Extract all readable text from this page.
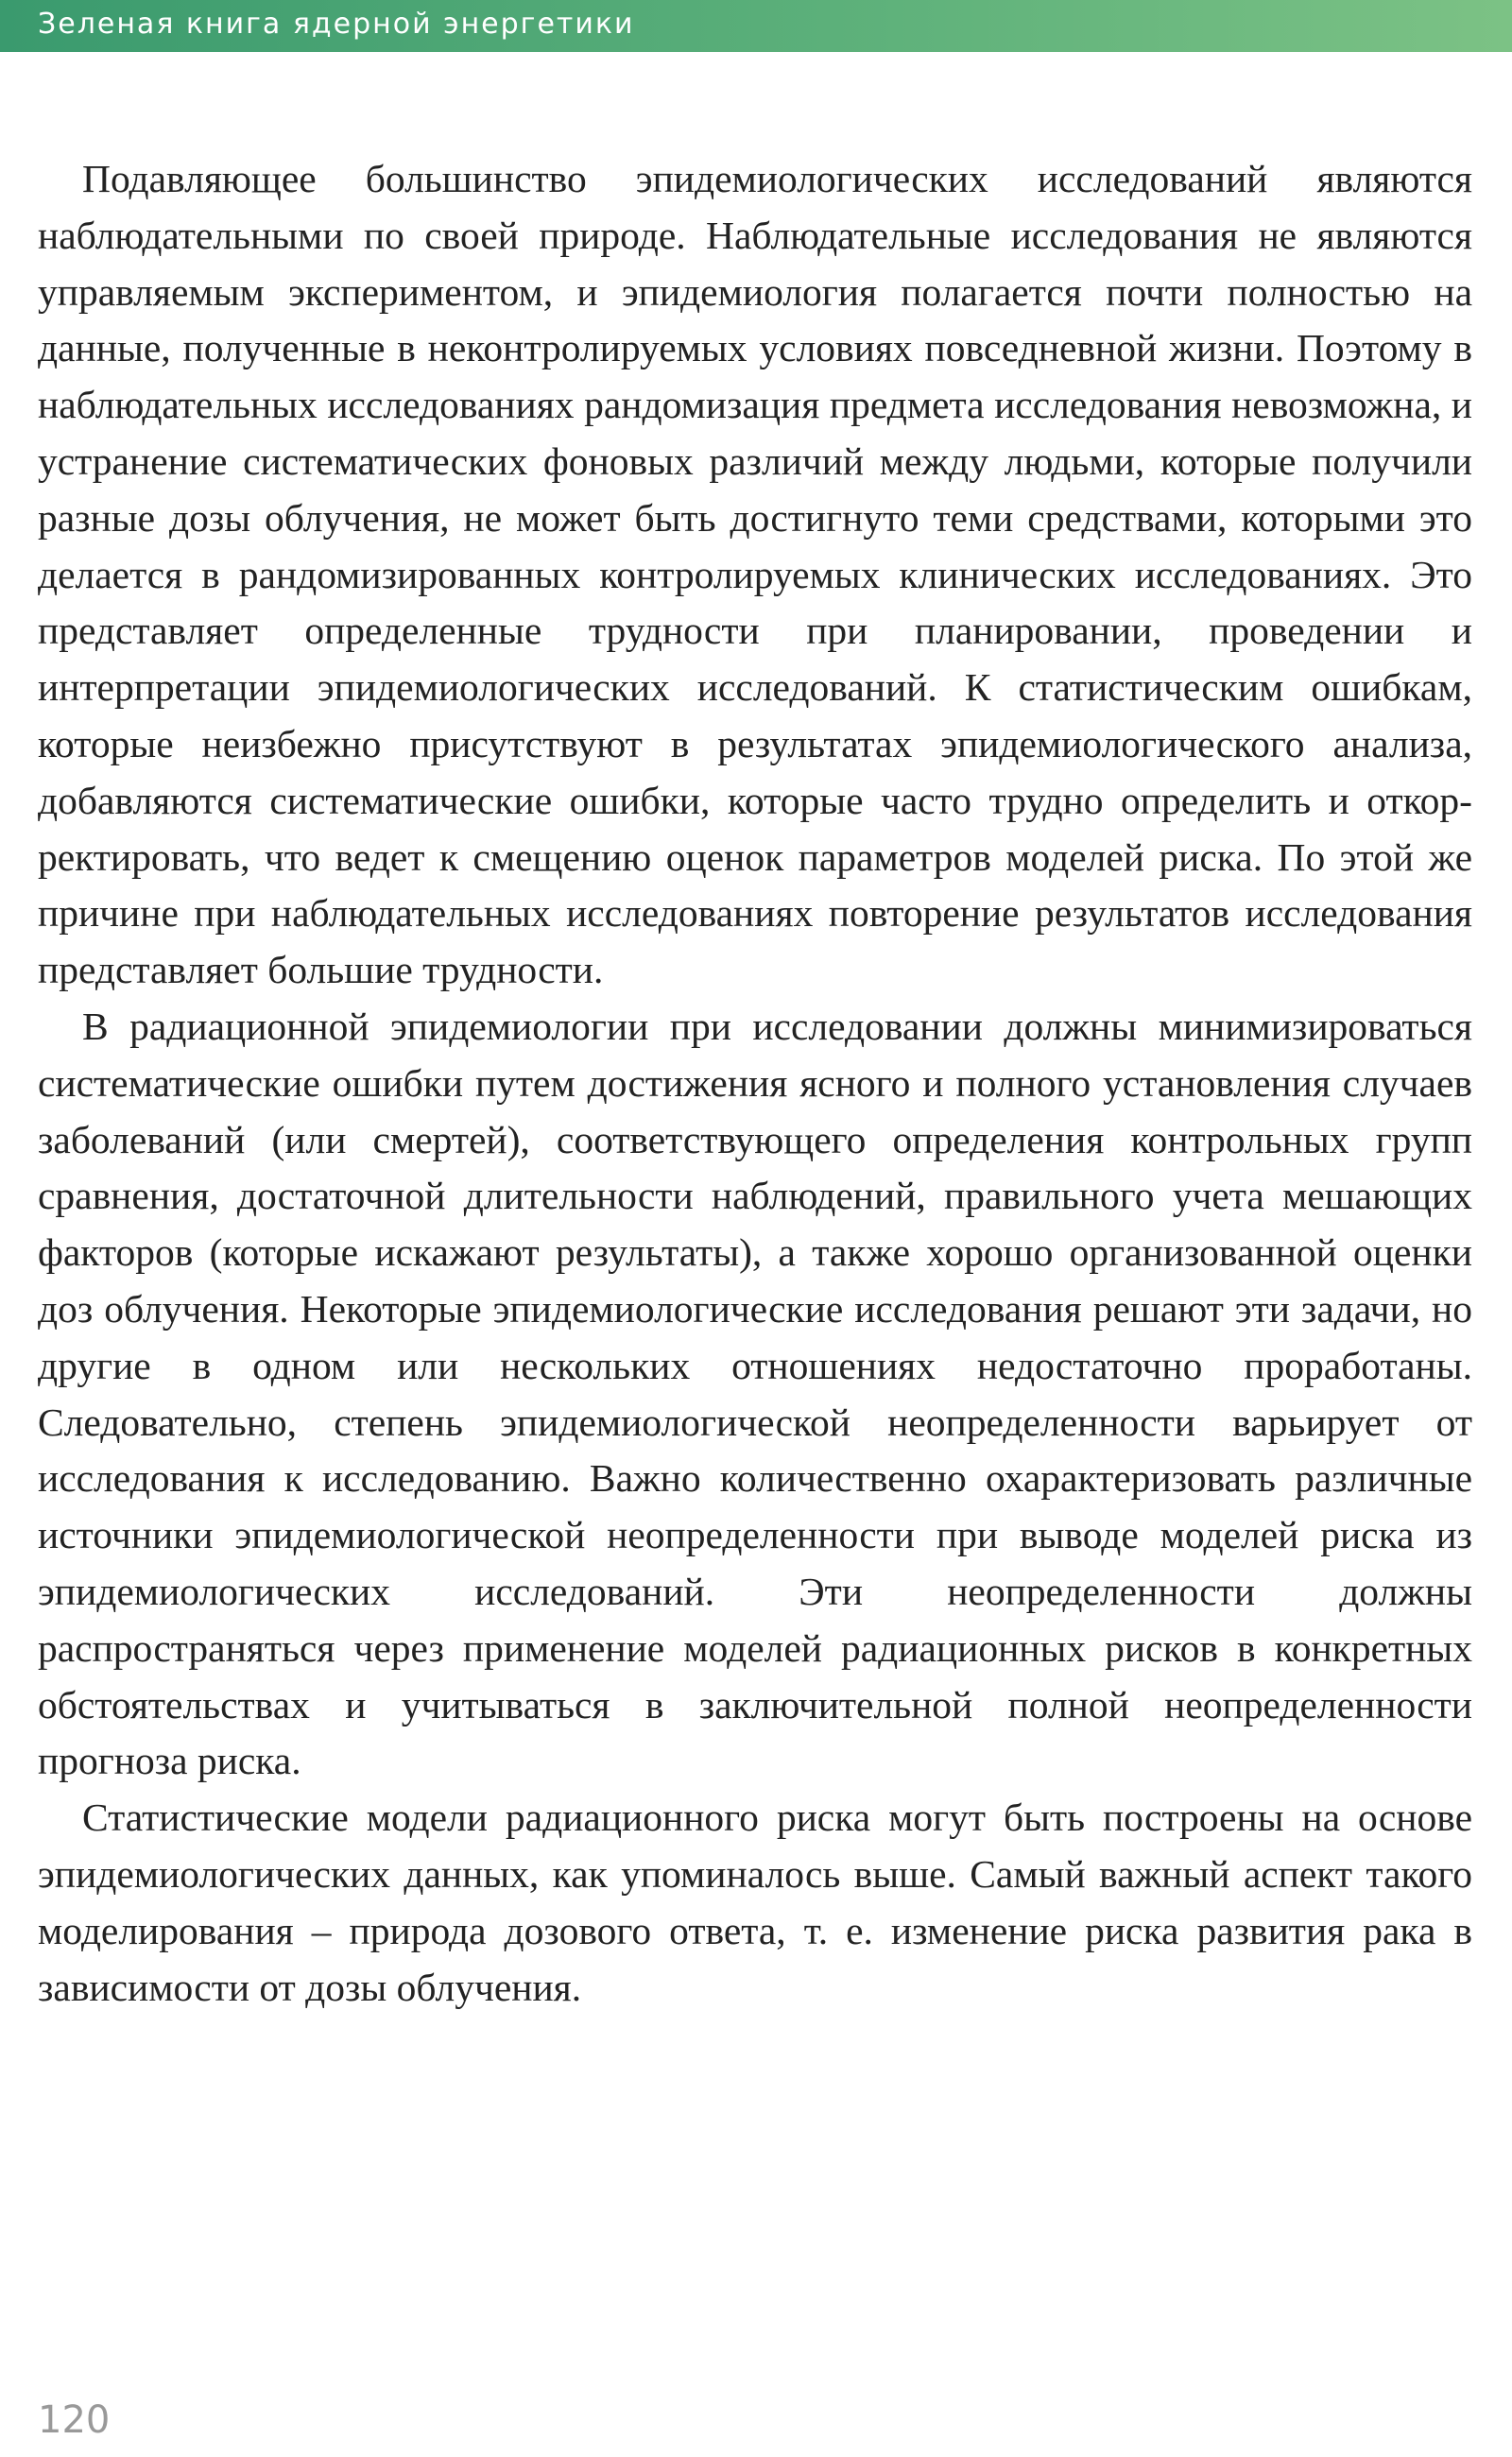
Зеленая книга ядерной энергетики

Подавляющее большинство эпидемиологических исследований являются наблюдательными по своей природе. Наблюдательные исследования не являются управляемым экспериментом, и эпидемиология полагается почти полностью на данные, полученные в неконтролируемых условиях повседневной жизни. Поэтому в наблюдательных исследованиях рандомизация предмета исследования невозможна, и устранение систематических фоновых различий между людьми, которые получили разные дозы облучения, не может быть достигнуто теми средствами, которыми это делается в рандомизированных контролируемых клинических исследованиях. Это представляет определенные трудности при планировании, проведении и интерпретации эпидемиологических исследований. К статистическим ошибкам, которые неизбежно присутствуют в результатах эпидемиологического анализа, добавляются систематические ошибки, которые часто трудно определить и откорректировать, что ведет к смещению оценок параметров моделей риска. По этой же причине при наблюдательных исследованиях повторение результатов исследования представляет большие трудности.

В радиационной эпидемиологии при исследовании должны минимизироваться систематические ошибки путем достижения ясного и полного установления случаев заболеваний (или смертей), соответствующего определения контрольных групп сравнения, достаточной длительности наблюдений, правильного учета мешающих факторов (которые искажают результаты), а также хорошо организованной оценки доз облучения. Некоторые эпидемиологические исследования решают эти задачи, но другие в одном или нескольких отношениях недостаточно проработаны. Следовательно, степень эпидемиологической неопределенности варьирует от исследования к исследованию. Важно количественно охарактеризовать различные источники эпидемиологической неопределенности при выводе моделей риска из эпидемиологических исследований. Эти неопределенности должны распространяться через применение моделей радиационных рисков в конкретных обстоятельствах и учитываться в заключительной полной неопределенности прогноза риска.

Статистические модели радиационного риска могут быть построены на основе эпидемиологических данных, как упоминалось выше. Самый важный аспект такого моделирования – природа дозового ответа, т. е. изменение риска развития рака в зависимости от дозы облучения.

120
